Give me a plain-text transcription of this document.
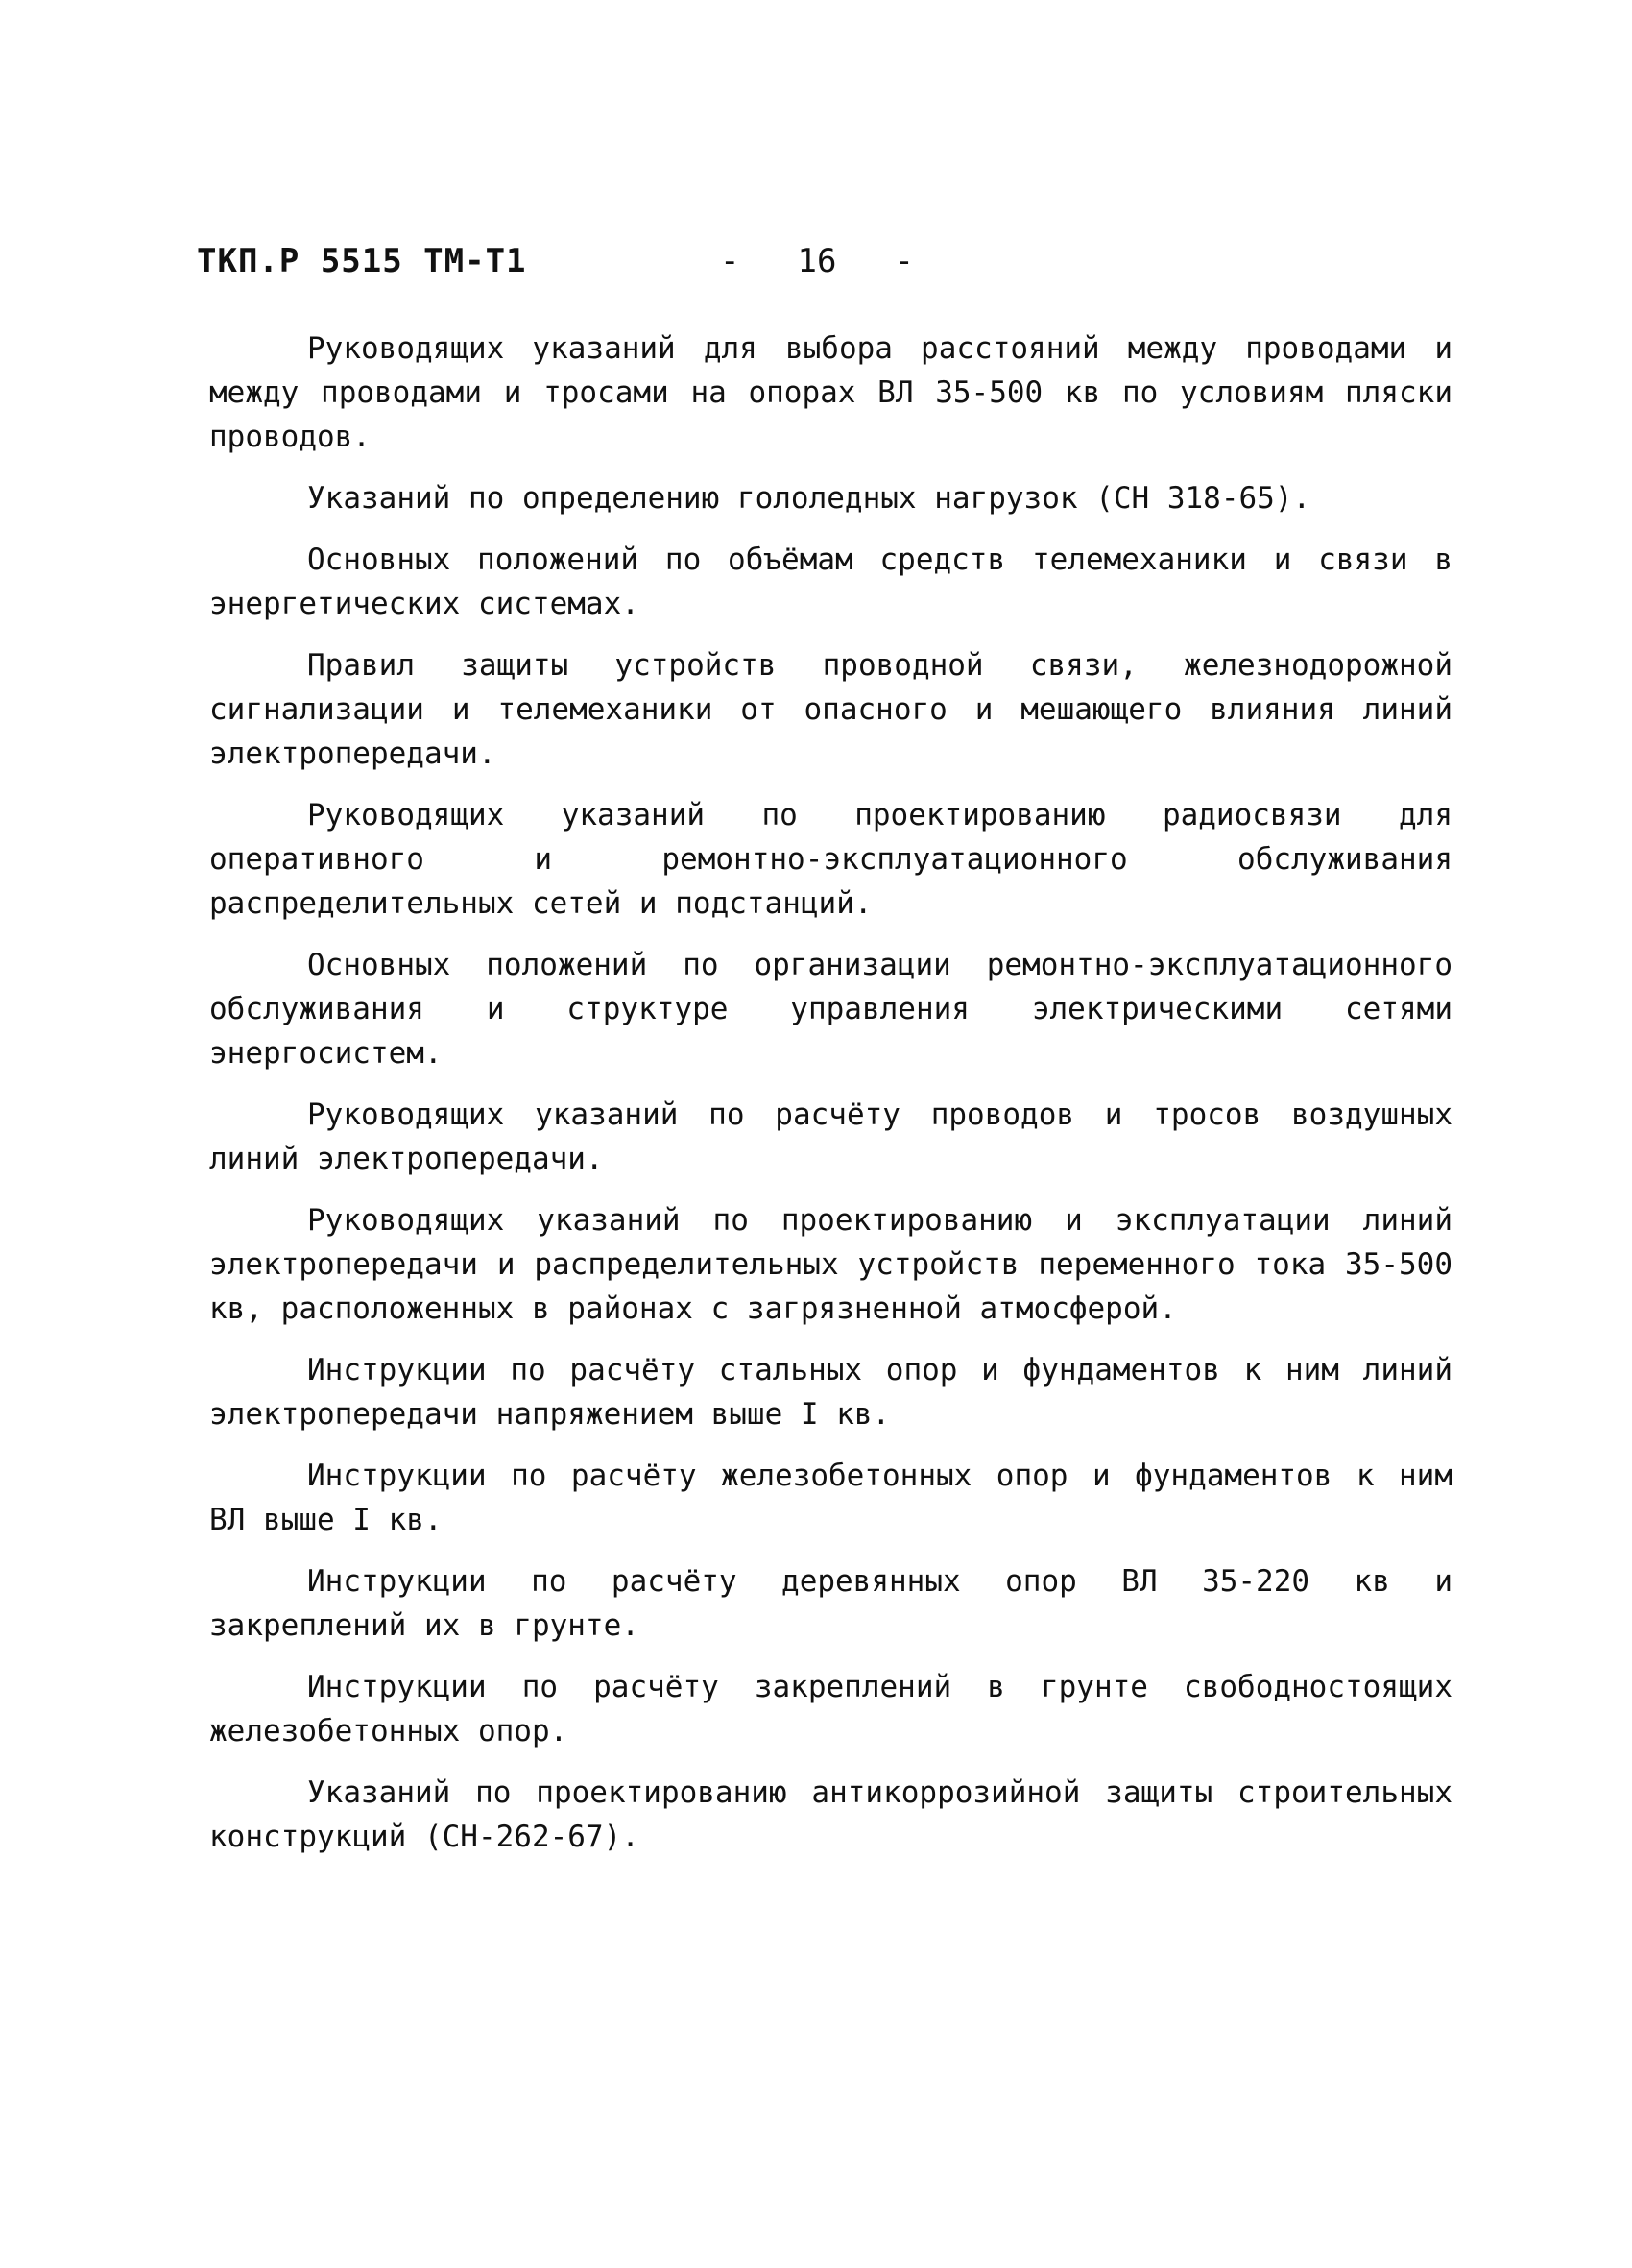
ТКП.Р 5515 ТМ-Т1	- 16 -

Руководящих указаний для выбора расстояний между проводами и между проводами и тросами на опорах ВЛ 35-500 кв по условиям пляски проводов.

Указаний по определению гололедных нагрузок (СН 318-65).

Основных положений по объёмам средств телемеханики и связи в энергетических системах.

Правил защиты устройств проводной связи, железнодорожной сигнализации и телемеханики от опасного и мешающего влияния линий электропередачи.

Руководящих указаний по проектированию радиосвязи для оперативного и ремонтно-эксплуатационного обслуживания распределительных сетей и подстанций.

Основных положений по организации ремонтно-эксплуатационного обслуживания и структуре управления электрическими сетями энергосистем.

Руководящих указаний по расчёту проводов и тросов воздушных линий электропередачи.

Руководящих указаний по проектированию и эксплуатации линий электропередачи и распределительных устройств переменного тока 35-500 кв, расположенных в районах с загрязненной атмосферой.

Инструкции по расчёту стальных опор и фундаментов к ним линий электропередачи напряжением выше I кв.

Инструкции по расчёту железобетонных опор и фундаментов к ним ВЛ выше I кв.

Инструкции по расчёту деревянных опор ВЛ 35-220 кв и закреплений их в грунте.

Инструкции по расчёту закреплений в грунте свободностоящих железобетонных опор.

Указаний по проектированию антикоррозийной защиты строительных конструкций (СН-262-67).
